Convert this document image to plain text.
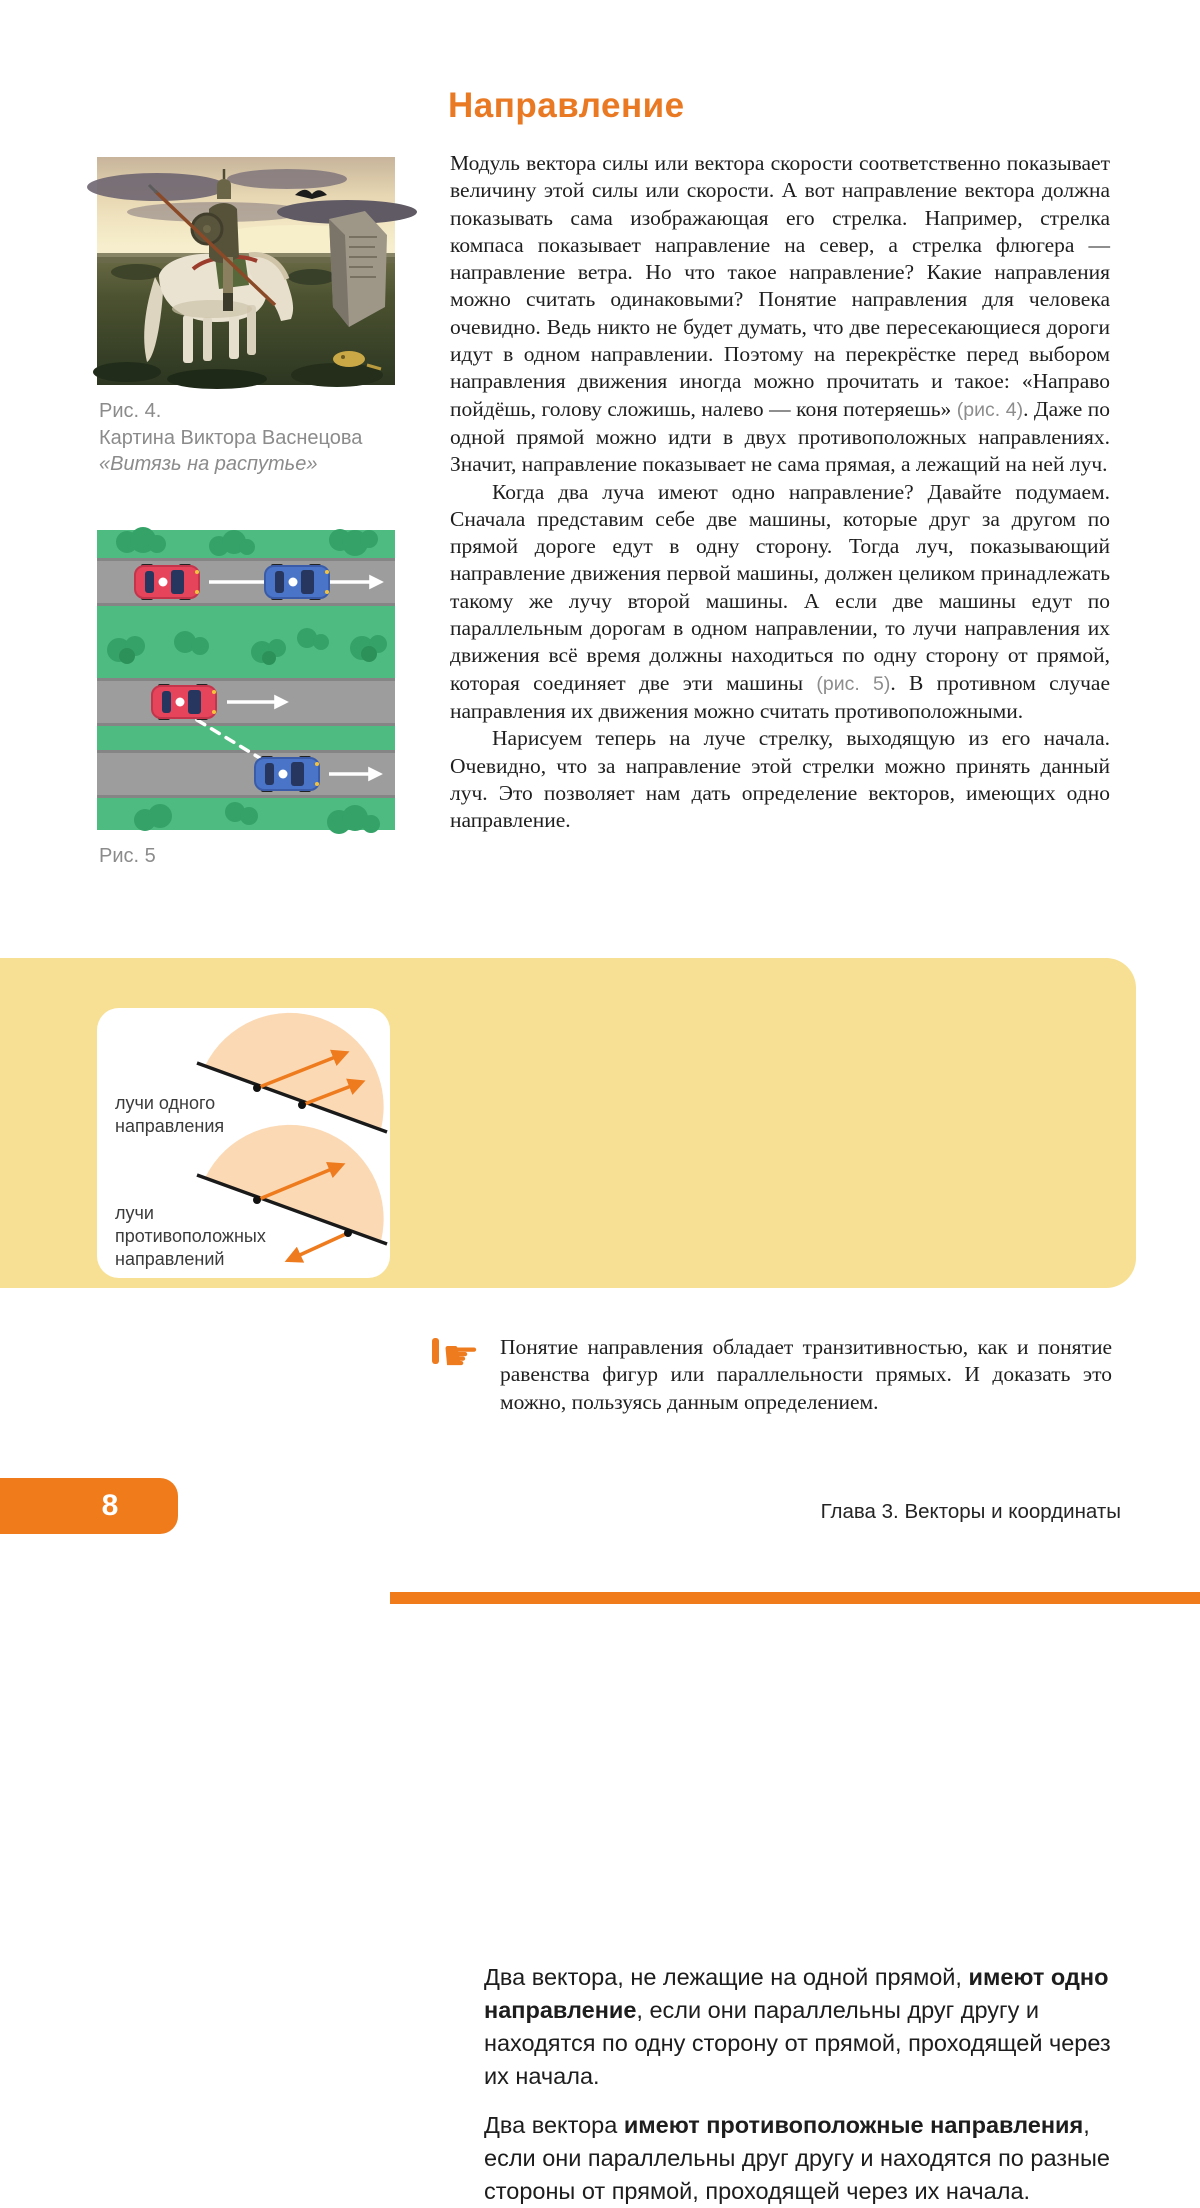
Направление
Рис. 4.
Картина Виктора Васнецова
«Витязь на распутье»
Рис. 5

Модуль вектора силы или вектора скорости соответственно показывает величину этой силы или скорости. А вот направление вектора должна показывать сама изображающая его стрелка. Например, стрелка компаса показывает направление на север, а стрелка флюгера — направление ветра. Но что такое направление? Какие направления можно считать одинаковыми? Понятие направления для человека очевидно. Ведь никто не будет думать, что две пересекающиеся дороги идут в одном направлении. Поэтому на перекрёстке перед выбором направления движения иногда можно прочитать и такое: «Направо пойдёшь, голову сложишь, налево — коня потеряешь» (рис. 4). Даже по одной прямой можно идти в двух противоположных направлениях. Значит, направление показывает не сама прямая, а лежащий на ней луч.

Когда два луча имеют одно направление? Давайте подумаем. Сначала представим себе две машины, которые друг за другом по прямой дороге едут в одну сторону. Тогда луч, показывающий направление движения первой машины, должен целиком принадлежать такому же лучу второй машины. А если две машины едут по параллельным дорогам в одном направлении, то лучи направления их движения всё время должны находиться по одну сторону от прямой, которая соединяет две эти машины (рис. 5). В противном случае направления их движения можно считать противоположными.

Нарисуем теперь на луче стрелку, выходящую из его начала. Очевидно, что за направление этой стрелки можно принять данный луч. Это позволяет нам дать определение векторов, имеющих одно направление.

Два вектора, не лежащие на одной прямой, имеют одно направление, если они параллельны друг другу и находятся по одну сторону от прямой, проходящей через их начала.

Два вектора имеют противоположные направления, если они параллельны друг другу и находятся по разные стороны от прямой, проходящей через их начала.

лучи одного направления
лучи противоположных направлений
☛ Понятие направления обладает транзитивностью, как и понятие равенства фигур или параллельности прямых. И доказать это можно, пользуясь данным определением.
8	Глава 3. Векторы и координаты
